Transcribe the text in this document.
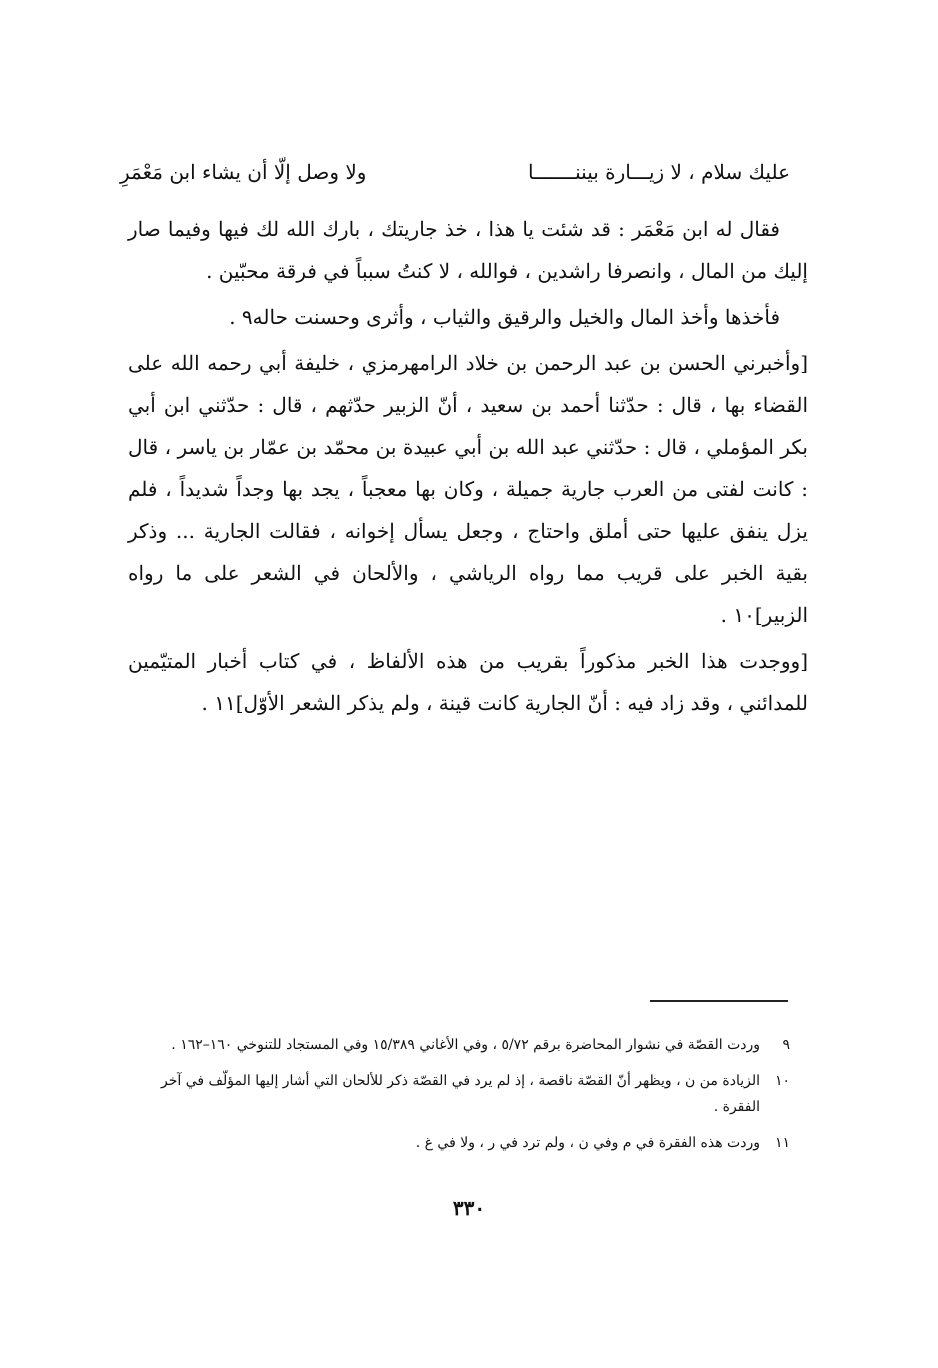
عليك سلام ، لا زيـــارة بيننـــــــا
ولا وصل إلّا أن يشاء ابن مَعْمَرِ

فقال له ابن مَعْمَر : قد شئت يا هذا ، خذ جاريتك ، بارك الله لك فيها وفيما صار إليك من المال ، وانصرفا راشدين ، فوالله ، لا كنتُ سبباً في فرقة محبّين .

فأخذها وأخذ المال والخيل والرقيق والثياب ، وأثرى وحسنت حاله٩ .

[وأخبرني الحسن بن عبد الرحمن بن خلاد الرامهرمزي ، خليفة أبي رحمه الله على القضاء بها ، قال : حدّثنا أحمد بن سعيد ، أنّ الزبير حدّثهم ، قال : حدّثني ابن أبي بكر المؤملي ، قال : حدّثني عبد الله بن أبي عبيدة بن محمّد بن عمّار بن ياسر ، قال : كانت لفتى من العرب جارية جميلة ، وكان بها معجباً ، يجد بها وجداً شديداً ، فلم يزل ينفق عليها حتى أملق واحتاج ، وجعل يسأل إخوانه ، فقالت الجارية ... وذكر بقية الخبر على قريب مما رواه الرياشي ، والألحان في الشعر على ما رواه الزبير]١٠ .

[ووجدت هذا الخبر مذكوراً بقريب من هذه الألفاظ ، في كتاب أخبار المتيّمين للمدائني ، وقد زاد فيه : أنّ الجارية كانت قينة ، ولم يذكر الشعر الأوّل]١١ .

٩
وردت القصّة في نشوار المحاضرة برقم ٥/٧٢ ، وفي الأغاني ١٥/٣٨٩ وفي المستجاد للتنوخي ١٦٠–١٦٢ .
١٠
الزيادة من ن ، ويظهر أنّ القصّة ناقصة ، إذ لم يرد في القصّة ذكر للألحان التي أشار إليها المؤلّف في آخر الفقرة .
١١
وردت هذه الفقرة في م وفي ن ، ولم ترد في ر ، ولا في غ .
٣٣٠
